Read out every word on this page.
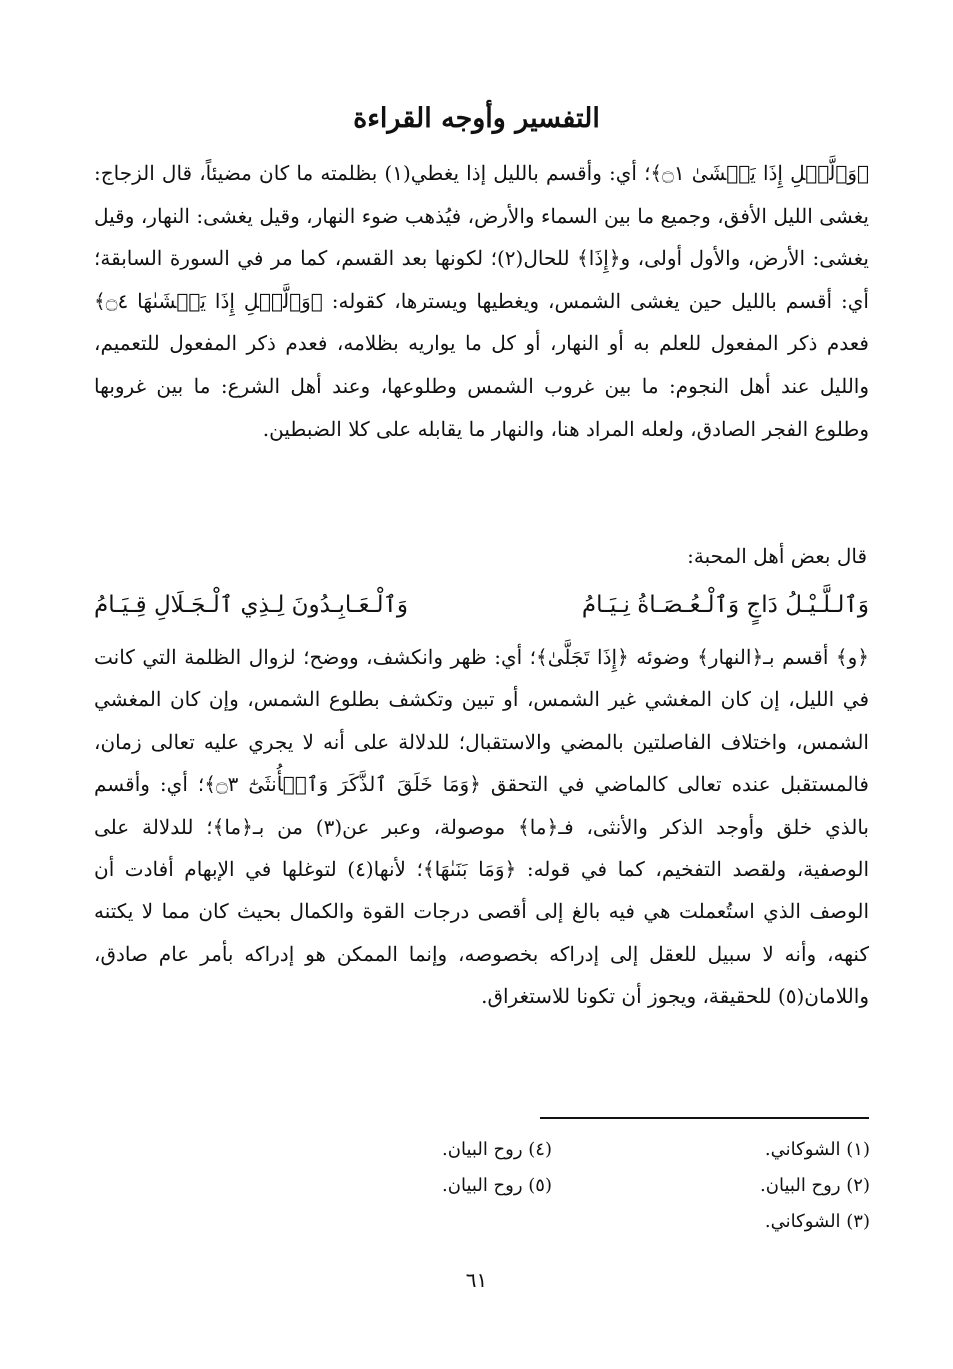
التفسير وأوجه القراءة

﴿وَٱلَّيۡلِ إِذَا يَغۡشَىٰ ۝١﴾؛ أي: وأقسم بالليل إذا يغطي(١) بظلمته ما كان مضيئاً، قال الزجاج: يغشى الليل الأفق، وجميع ما بين السماء والأرض، فيُذهب ضوء النهار، وقيل يغشى: النهار، وقيل يغشى: الأرض، والأول أولى، و﴿إِذَا﴾ للحال(٢)؛ لكونها بعد القسم، كما مر في السورة السابقة؛ أي: أقسم بالليل حين يغشى الشمس، ويغطيها ويسترها، كقوله: ﴿وَٱلَّيۡلِ إِذَا يَغۡشَىٰهَا ۝٤﴾ فعدم ذكر المفعول للعلم به أو النهار، أو كل ما يواريه بظلامه، فعدم ذكر المفعول للتعميم، والليل عند أهل النجوم: ما بين غروب الشمس وطلوعها، وعند أهل الشرع: ما بين غروبها وطلوع الفجر الصادق، ولعله المراد هنا، والنهار ما يقابله على كلا الضبطين.

قال بعض أهل المحبة:
وَٱلـلَّـيْـلُ دَاجٍ وَٱلْـعُـصَـاةُ نِـيَـامُ
وَٱلْـعَـابِـدُونَ لِـذِي ٱلْـجَـلَالِ قِـيَـامُ

﴿و﴾ أقسم بـ﴿النهار﴾ وضوئه ﴿إِذَا تَجَلَّىٰ﴾؛ أي: ظهر وانكشف، ووضح؛ لزوال الظلمة التي كانت في الليل، إن كان المغشي غير الشمس، أو تبين وتكشف بطلوع الشمس، وإن كان المغشي الشمس، واختلاف الفاصلتين بالمضي والاستقبال؛ للدلالة على أنه لا يجري عليه تعالى زمان، فالمستقبل عنده تعالى كالماضي في التحقق ﴿وَمَا خَلَقَ ٱلذَّكَرَ وَٱلۡأُنثَىٰٓ ۝٣﴾؛ أي: وأقسم بالذي خلق وأوجد الذكر والأنثى، فـ﴿ما﴾ موصولة، وعبر عن(٣) من بـ﴿ما﴾؛ للدلالة على الوصفية، ولقصد التفخيم، كما في قوله: ﴿وَمَا بَنَىٰهَا﴾؛ لأنها(٤) لتوغلها في الإبهام أفادت أن الوصف الذي استُعملت هي فيه بالغ إلى أقصى درجات القوة والكمال بحيث كان مما لا يكتنه كنهه، وأنه لا سبيل للعقل إلى إدراكه بخصوصه، وإنما الممكن هو إدراكه بأمر عام صادق، واللامان(٥) للحقيقة، ويجوز أن تكونا للاستغراق.

(١) الشوكاني.
(٢) روح البيان.
(٣) الشوكاني.
(٤) روح البيان.
(٥) روح البيان.
٦١
